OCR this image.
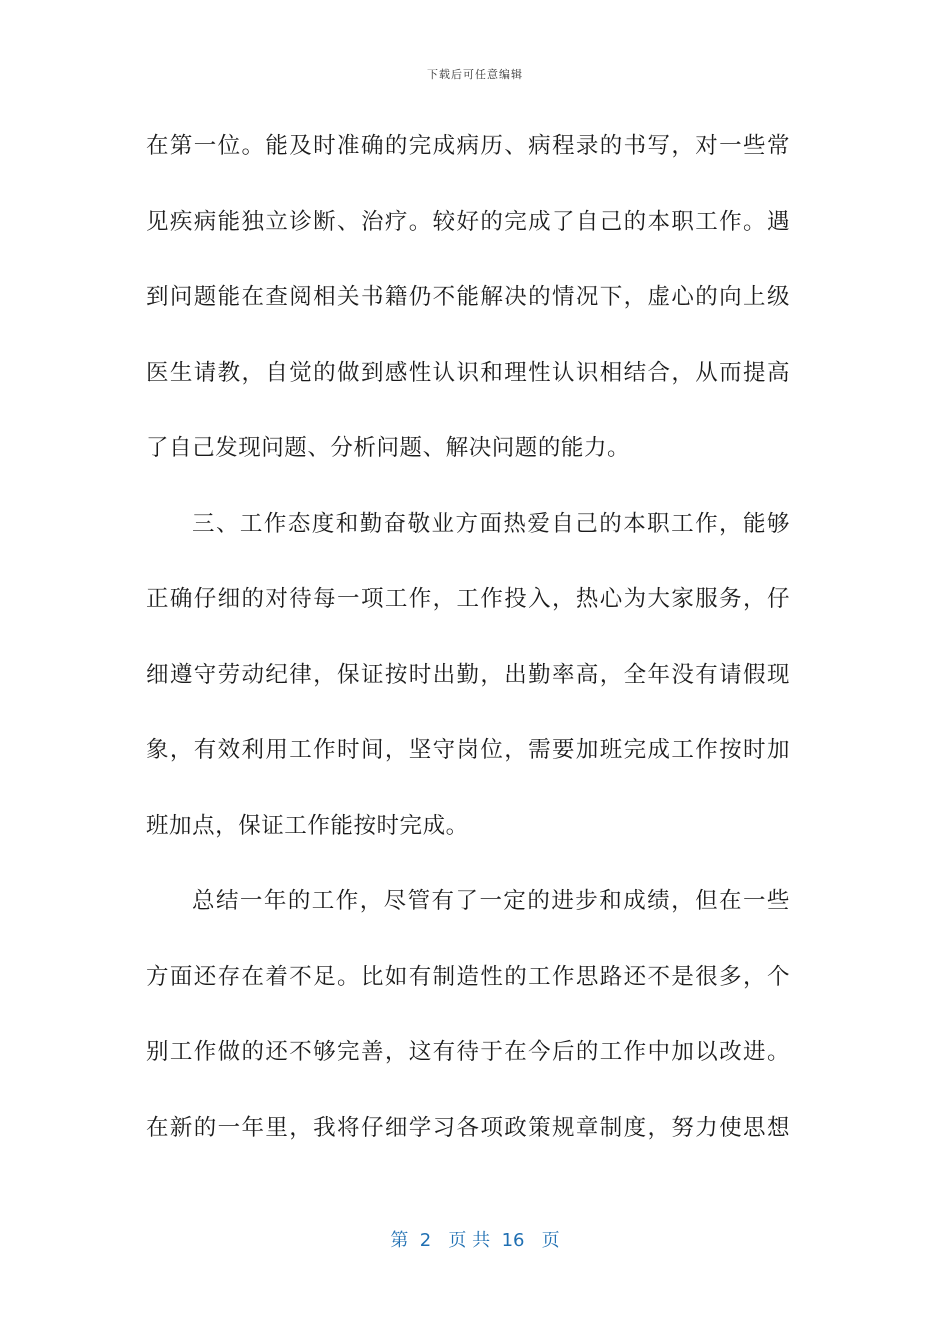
下载后可任意编辑
在第一位。能及时准确的完成病历、病程录的书写，对一些常
见疾病能独立诊断、治疗。较好的完成了自己的本职工作。遇
到问题能在查阅相关书籍仍不能解决的情况下，虚心的向上级
医生请教，自觉的做到感性认识和理性认识相结合，从而提高
了自己发现问题、分析问题、解决问题的能力。
三、工作态度和勤奋敬业方面热爱自己的本职工作，能够
正确仔细的对待每一项工作，工作投入，热心为大家服务，仔
细遵守劳动纪律，保证按时出勤，出勤率高，全年没有请假现
象，有效利用工作时间，坚守岗位，需要加班完成工作按时加
班加点，保证工作能按时完成。
总结一年的工作，尽管有了一定的进步和成绩，但在一些
方面还存在着不足。比如有制造性的工作思路还不是很多，个
别工作做的还不够完善，这有待于在今后的工作中加以改进。
在新的一年里，我将仔细学习各项政策规章制度，努力使思想
第  2   页 共  16   页
